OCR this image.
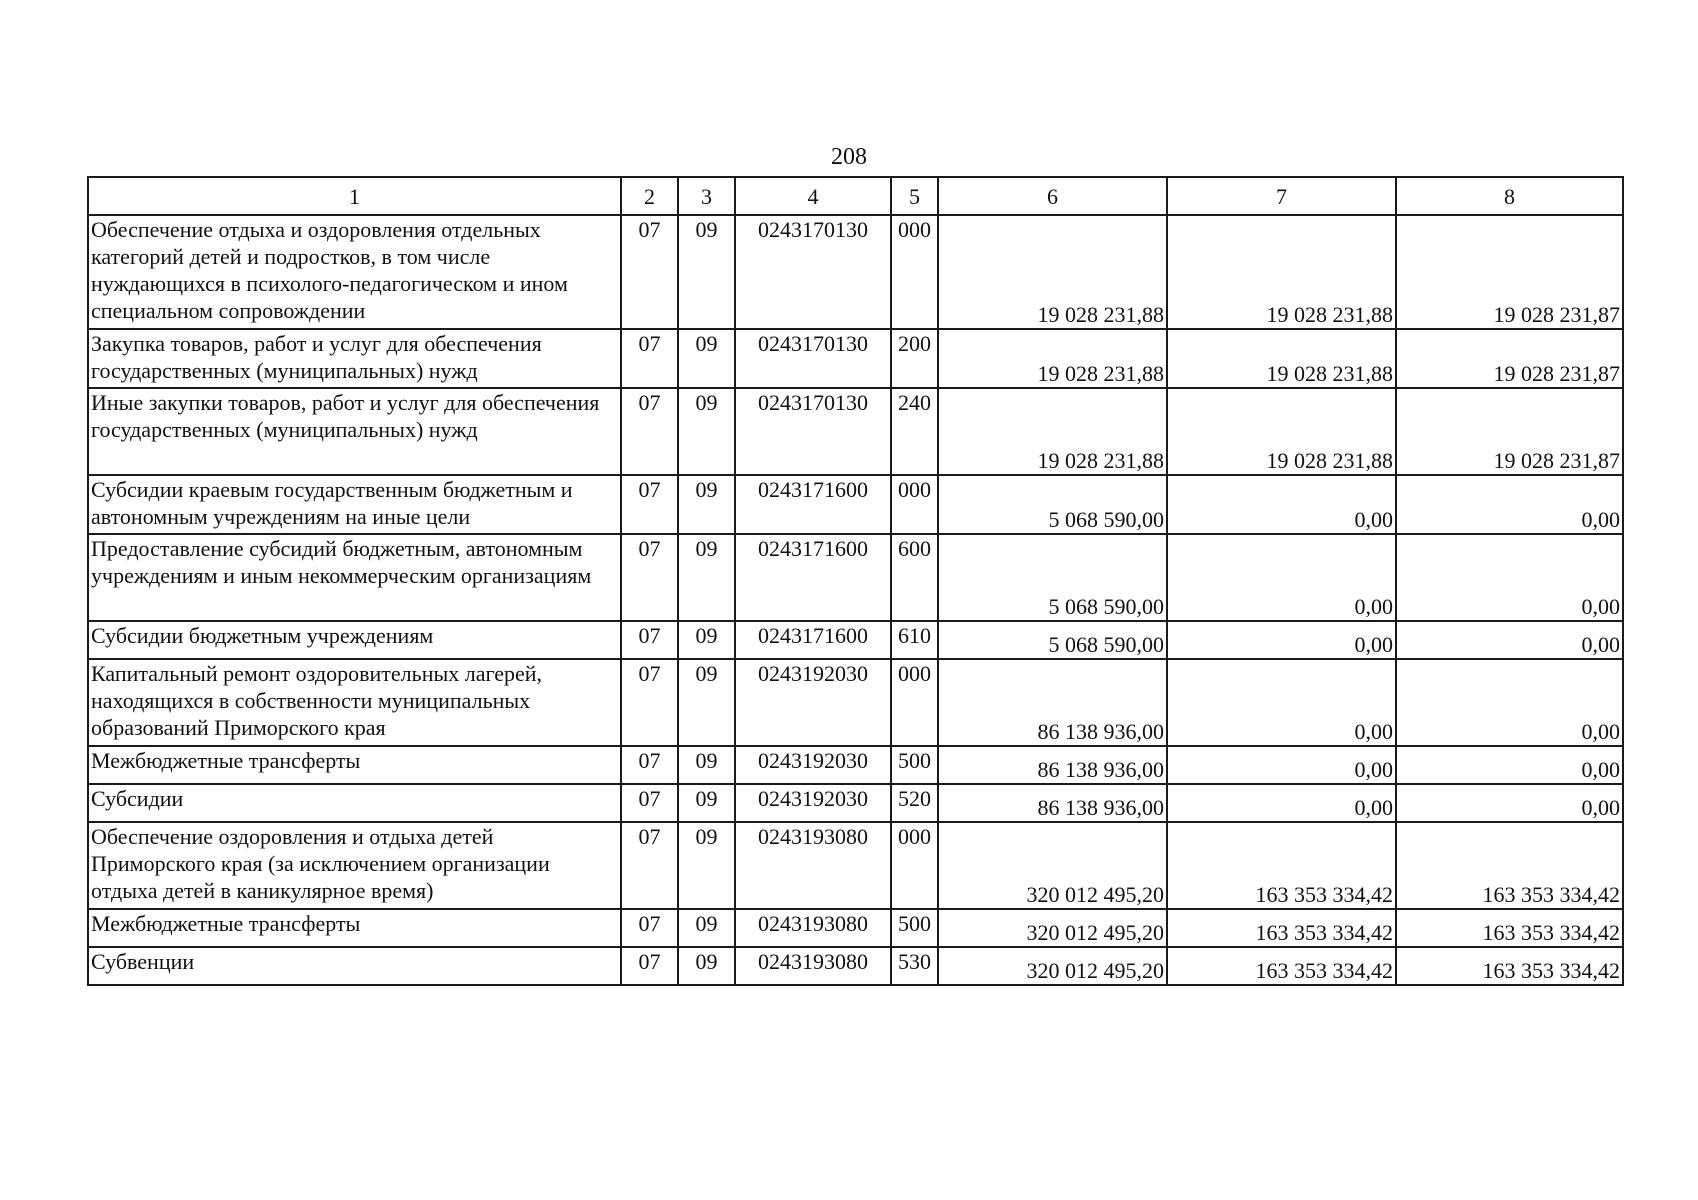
208
1	2	3	4	5	6	7	8
Обеспечение отдыха и оздоровления отдельных категорий детей и подростков, в том числе нуждающихся в психолого-педагогическом и ином специальном сопровождении	07	09	0243170130	000	19 028 231,88	19 028 231,88	19 028 231,87
Закупка товаров, работ и услуг для обеспечения государственных (муниципальных) нужд	07	09	0243170130	200	19 028 231,88	19 028 231,88	19 028 231,87
Иные закупки товаров, работ и услуг для обеспечения государственных (муниципальных) нужд	07	09	0243170130	240	19 028 231,88	19 028 231,88	19 028 231,87
Субсидии краевым государственным бюджетным и автономным учреждениям на иные цели	07	09	0243171600	000	5 068 590,00	0,00	0,00
Предоставление субсидий бюджетным, автономным учреждениям и иным некоммерческим организациям	07	09	0243171600	600	5 068 590,00	0,00	0,00
Субсидии бюджетным учреждениям	07	09	0243171600	610	5 068 590,00	0,00	0,00
Капитальный ремонт оздоровительных лагерей, находящихся в собственности муниципальных образований Приморского края	07	09	0243192030	000	86 138 936,00	0,00	0,00
Межбюджетные трансферты	07	09	0243192030	500	86 138 936,00	0,00	0,00
Субсидии	07	09	0243192030	520	86 138 936,00	0,00	0,00
Обеспечение оздоровления и отдыха детей Приморского края (за исключением организации отдыха детей в каникулярное время)	07	09	0243193080	000	320 012 495,20	163 353 334,42	163 353 334,42
Межбюджетные трансферты	07	09	0243193080	500	320 012 495,20	163 353 334,42	163 353 334,42
Субвенции	07	09	0243193080	530	320 012 495,20	163 353 334,42	163 353 334,42
